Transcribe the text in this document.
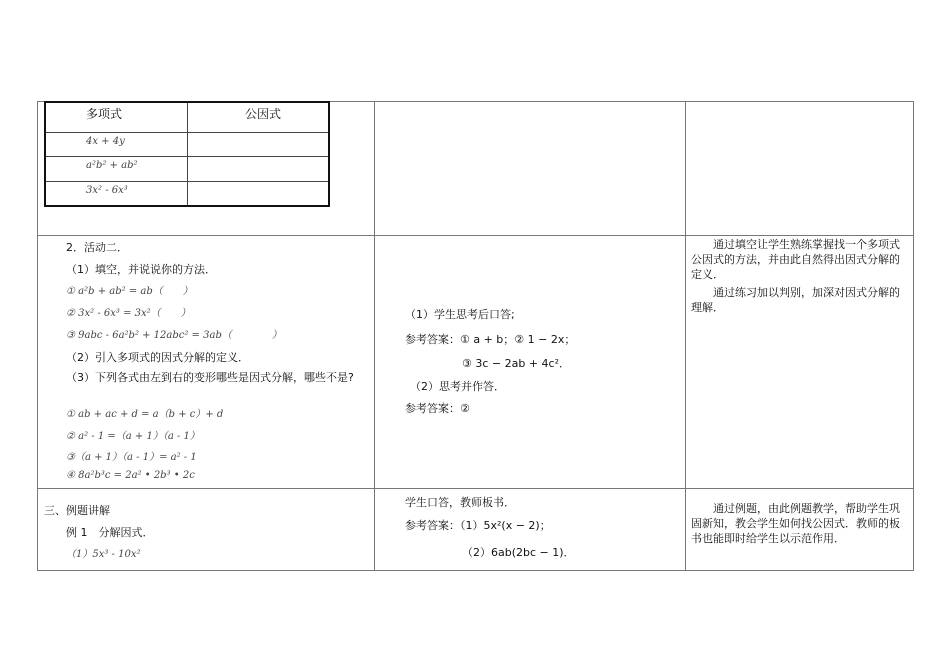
多项式	公因式
4x + 4y
a²b² + ab²
3x² - 6x³
2．活动二．
（1）填空，并说说你的方法．
① a²b + ab² = ab（　　）
② 3x² - 6x³ = 3x²（　　）
③ 9abc - 6a²b² + 12abc² = 3ab（　　　　）
（2）引入多项式的因式分解的定义．
（3）下列各式由左到右的变形哪些是因式分解，哪些不是?
① ab + ac + d = a（b + c）+ d
② a² - 1 =（a + 1）（a - 1）
③（a + 1）（a - 1）= a² - 1
④ 8a²b³c = 2a² • 2b³ • 2c
（1）学生思考后口答;
参考答案：① a + b；② 1 − 2x；
③ 3c − 2ab + 4c²．
（2）思考并作答．
参考答案：②
通过填空让学生熟练掌握找一个多项式公因式的方法，并由此自然得出因式分解的定义．
通过练习加以判别，加深对因式分解的理解．
三、例题讲解
例 1　分解因式．
（1）5x³ - 10x²
学生口答，教师板书．
参考答案：（1）5x²(x − 2)；
（2）6ab(2bc − 1)．
通过例题，由此例题教学，帮助学生巩固新知，教会学生如何找公因式．教师的板书也能即时给学生以示范作用．
